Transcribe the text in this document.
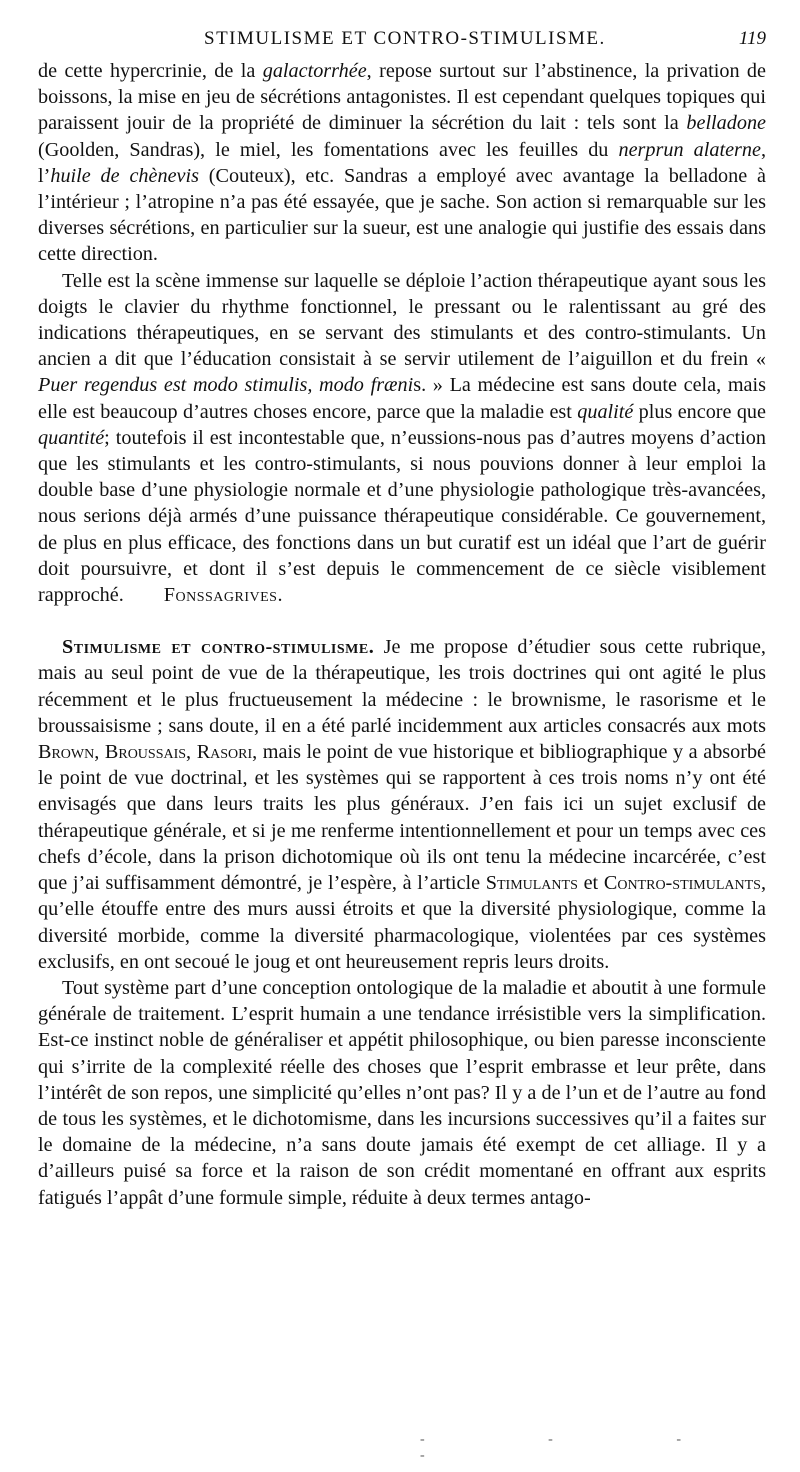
STIMULISME ET CONTRO-STIMULISME.	119

de cette hypercrinie, de la galactorrhée, repose surtout sur l’abstinence, la privation de boissons, la mise en jeu de sécrétions antagonistes. Il est cependant quelques topiques qui paraissent jouir de la propriété de diminuer la sécrétion du lait : tels sont la belladone (Goolden, Sandras), le miel, les fomentations avec les feuilles du nerprun alaterne, l’huile de chènevis (Couteux), etc. Sandras a employé avec avantage la belladone à l’intérieur ; l’atropine n’a pas été essayée, que je sache. Son action si remarquable sur les diverses sécrétions, en particulier sur la sueur, est une analogie qui justifie des essais dans cette direction.

Telle est la scène immense sur laquelle se déploie l’action thérapeutique ayant sous les doigts le clavier du rhythme fonctionnel, le pressant ou le ralentissant au gré des indications thérapeutiques, en se servant des stimulants et des contro-stimulants. Un ancien a dit que l’éducation consistait à se servir utilement de l’aiguillon et du frein « Puer regendus est modo stimulis, modo frænis. » La médecine est sans doute cela, mais elle est beaucoup d’autres choses encore, parce que la maladie est qualité plus encore que quantité; toutefois il est incontestable que, n’eussions-nous pas d’autres moyens d’action que les stimulants et les contro-stimulants, si nous pouvions donner à leur emploi la double base d’une physiologie normale et d’une physiologie pathologique très-avancées, nous serions déjà armés d’une puissance thérapeutique considérable. Ce gouvernement, de plus en plus efficace, des fonctions dans un but curatif est un idéal que l’art de guérir doit poursuivre, et dont il s’est depuis le commencement de ce siècle visiblement rapproché. Fonssagrives.

Stimulisme et contro-stimulisme. Je me propose d’étudier sous cette rubrique, mais au seul point de vue de la thérapeutique, les trois doctrines qui ont agité le plus récemment et le plus fructueusement la médecine : le brownisme, le rasorisme et le broussaisisme ; sans doute, il en a été parlé incidemment aux articles consacrés aux mots Brown, Broussais, Rasori, mais le point de vue historique et bibliographique y a absorbé le point de vue doctrinal, et les systèmes qui se rapportent à ces trois noms n’y ont été envisagés que dans leurs traits les plus généraux. J’en fais ici un sujet exclusif de thérapeutique générale, et si je me renferme intentionnellement et pour un temps avec ces chefs d’école, dans la prison dichotomique où ils ont tenu la médecine incarcérée, c’est que j’ai suffisamment démontré, je l’espère, à l’article Stimulants et Contro-stimulants, qu’elle étouffe entre des murs aussi étroits et que la diversité physiologique, comme la diversité morbide, comme la diversité pharmacologique, violentées par ces systèmes exclusifs, en ont secoué le joug et ont heureusement repris leurs droits.

Tout système part d’une conception ontologique de la maladie et aboutit à une formule générale de traitement. L’esprit humain a une tendance irrésistible vers la simplification. Est-ce instinct noble de généraliser et appétit philosophique, ou bien paresse inconsciente qui s’irrite de la complexité réelle des choses que l’esprit embrasse et leur prête, dans l’intérêt de son repos, une simplicité qu’elles n’ont pas? Il y a de l’un et de l’autre au fond de tous les systèmes, et le dichotomisme, dans les incursions successives qu’il a faites sur le domaine de la médecine, n’a sans doute jamais été exempt de cet alliage. Il y a d’ailleurs puisé sa force et la raison de son crédit momentané en offrant aux esprits fatigués l’appât d’une formule simple, réduite à deux termes antago-

- - - -
